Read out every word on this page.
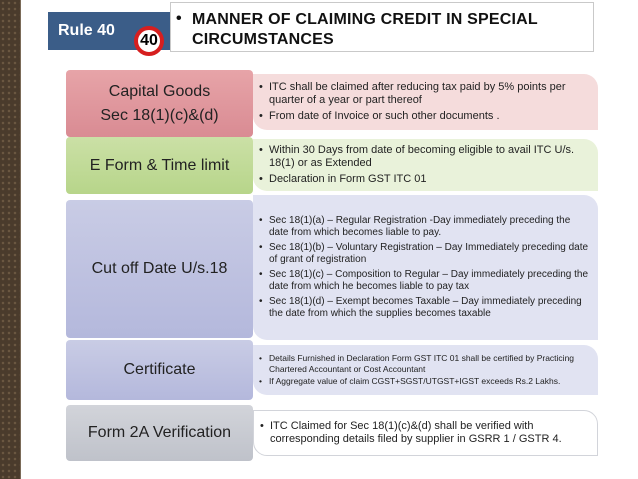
Rule 40
40
• MANNER OF CLAIMING CREDIT IN SPECIAL CIRCUMSTANCES
Capital Goods
Sec 18(1)(c)&(d)
• ITC shall be claimed after reducing tax paid by 5% points per quarter of a year or part thereof
• From date of Invoice or such other documents .
E Form & Time limit
• Within 30 Days from date of becoming eligible to avail ITC U/s. 18(1) or as Extended
• Declaration in Form GST ITC 01
Cut off Date U/s.18
• Sec 18(1)(a) – Regular Registration -Day immediately preceding the date from which becomes liable to pay.
• Sec 18(1)(b) – Voluntary Registration – Day Immediately preceding date of grant of registration
• Sec 18(1)(c) – Composition to Regular – Day immediately preceding the date from which he becomes liable to pay tax
• Sec 18(1)(d) – Exempt becomes Taxable – Day immediately preceding the date from which the supplies becomes taxable
Certificate
• Details Furnished in Declaration Form GST ITC 01 shall be certified by Practicing Chartered Accountant or Cost Accountant
• If Aggregate value of claim CGST+SGST/UTGST+IGST exceeds Rs.2 Lakhs.
Form 2A Verification	• ITC Claimed for Sec 18(1)(c)&(d) shall be verified with corresponding details filed by supplier in GSRR 1 / GSTR 4.
